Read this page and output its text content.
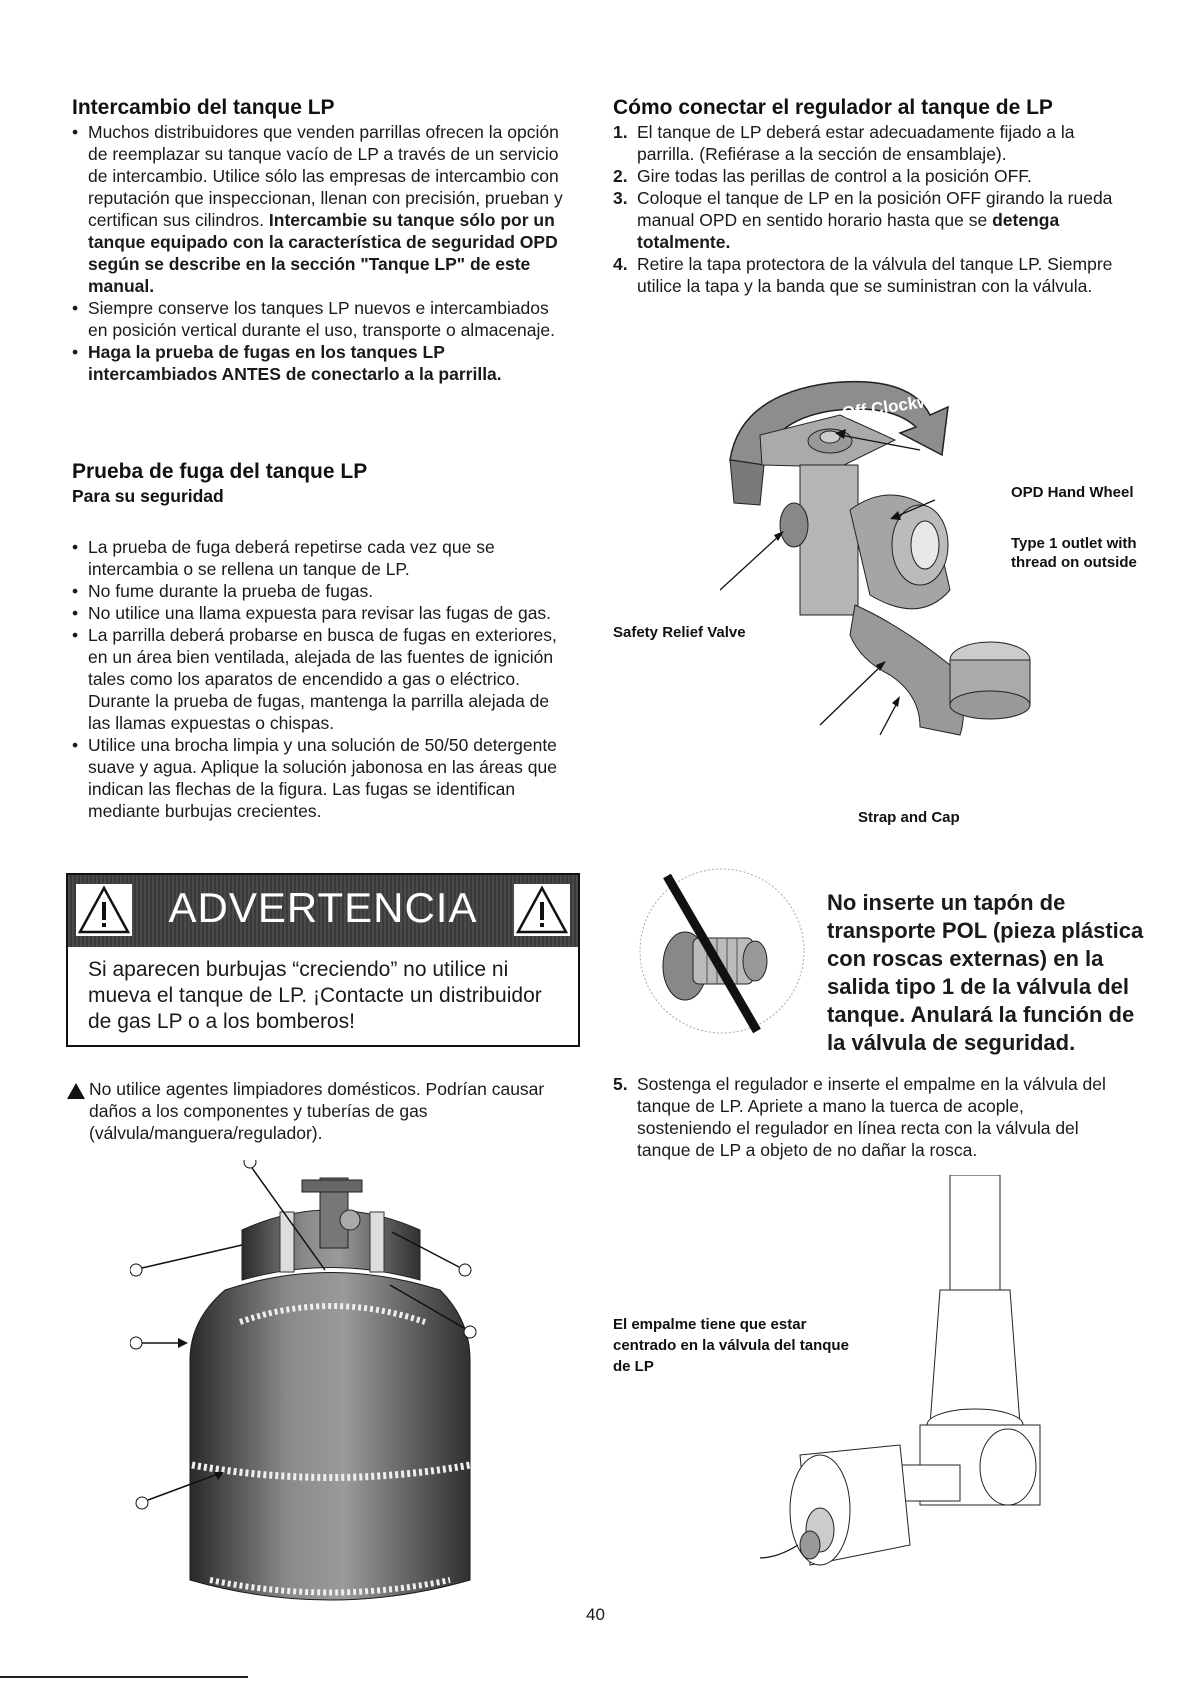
Intercambio del tanque LP
• Muchos distribuidores que venden parrillas ofrecen la opción de reemplazar su tanque vacío de LP a través de un servicio de intercambio. Utilice sólo las empresas de intercambio con reputación que inspeccionan, llenan con precisión, prueban y certifican sus cilindros. Intercambie su tanque sólo por un tanque equipado con la característica de seguridad OPD según se describe en la sección "Tanque LP" de este manual.
• Siempre conserve los tanques LP nuevos e intercambiados en posición vertical durante el uso, transporte o almacenaje.
• Haga la prueba de fugas en los tanques LP intercambiados ANTES de conectarlo a la parrilla.
Prueba de fuga del tanque LP
Para su seguridad
• La prueba de fuga deberá repetirse cada vez que se intercambia o se rellena un tanque de LP.
• No fume durante la prueba de fugas.
• No utilice una llama expuesta para revisar las fugas de gas.
• La parrilla deberá probarse en busca de fugas en exteriores, en un área bien ventilada, alejada de las fuentes de ignición tales como los aparatos de encendido a gas o eléctrico. Durante la prueba de fugas, mantenga la parrilla alejada de las llamas expuestas o chispas.
• Utilice una brocha limpia y una solución de 50/50 detergente suave y agua. Aplique la solución jabonosa en las áreas que indican las flechas de la figura. Las fugas se identifican mediante burbujas crecientes.
ADVERTENCIA
Si aparecen burbujas “creciendo” no utilice ni mueva el tanque de LP. ¡Contacte un distribuidor de gas LP o a los bomberos!
No utilice agentes limpiadores domésticos. Podrían causar daños a los componentes y tuberías de gas (válvula/manguera/regulador).
Cómo conectar el regulador al tanque de LP
1. El tanque de LP deberá estar adecuadamente fijado a la parrilla. (Refiérase a la sección de ensamblaje).
2. Gire todas las perillas de control a la posición OFF.
3. Coloque el tanque de LP en la posición OFF girando la rueda manual OPD en sentido horario hasta que se detenga totalmente.
4. Retire la tapa protectora de la válvula del tanque LP. Siempre utilice la tapa y la banda que se suministran con la válvula.
Off Clockwise
OPD Hand Wheel
Type 1 outlet with thread on outside
Safety Relief Valve
Strap and Cap
No inserte un tapón de transporte POL (pieza plástica con roscas externas) en la salida tipo 1 de la válvula del tanque. Anulará la función de la válvula de seguridad.
5. Sostenga el regulador e inserte el empalme en la válvula del tanque de LP. Apriete a mano la tuerca de acople, sosteniendo el regulador en línea recta con la válvula del tanque de LP a objeto de no dañar la rosca.
El empalme tiene que estar centrado en la válvula del tanque de LP
40
